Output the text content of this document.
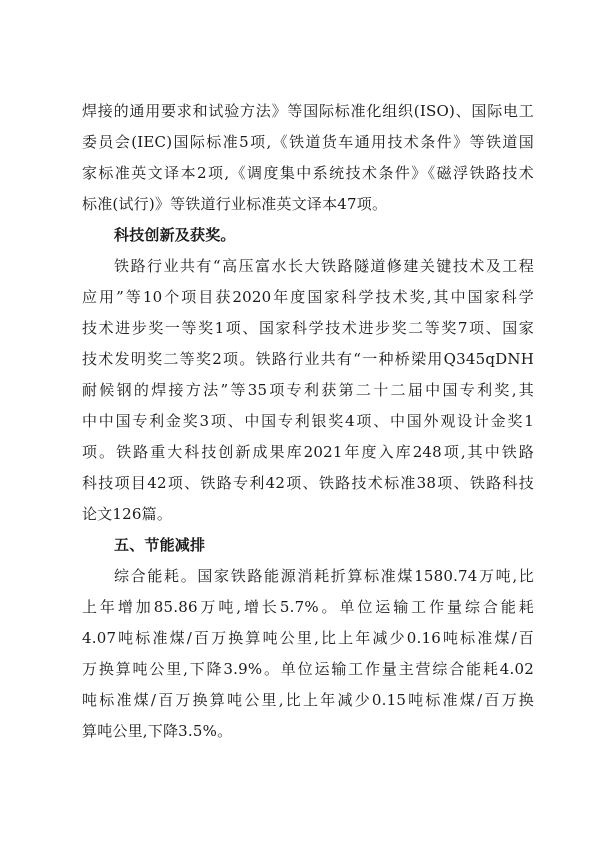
焊接的通用要求和试验方法》等国际标准化组织(ISO)、国际电工
委员会(IEC)国际标准5项,《铁道货车通用技术条件》等铁道国
家标准英文译本2项,《调度集中系统技术条件》《磁浮铁路技术
标准(试行)》等铁道行业标准英文译本47项。
科技创新及获奖。
铁路行业共有“高压富水长大铁路隧道修建关键技术及工程
应用”等10个项目获2020年度国家科学技术奖,其中国家科学
技术进步奖一等奖1项、国家科学技术进步奖二等奖7项、国家
技术发明奖二等奖2项。铁路行业共有“一种桥梁用Q345qDNH
耐候钢的焊接方法”等35项专利获第二十二届中国专利奖,其
中中国专利金奖3项、中国专利银奖4项、中国外观设计金奖1
项。铁路重大科技创新成果库2021年度入库248项,其中铁路
科技项目42项、铁路专利42项、铁路技术标准38项、铁路科技
论文126篇。
五、节能减排
综合能耗。国家铁路能源消耗折算标准煤1580.74万吨,比
上年增加85.86万吨,增长5.7%。单位运输工作量综合能耗
4.07吨标准煤/百万换算吨公里,比上年减少0.16吨标准煤/百
万换算吨公里,下降3.9%。单位运输工作量主营综合能耗4.02
吨标准煤/百万换算吨公里,比上年减少0.15吨标准煤/百万换
算吨公里,下降3.5%。
